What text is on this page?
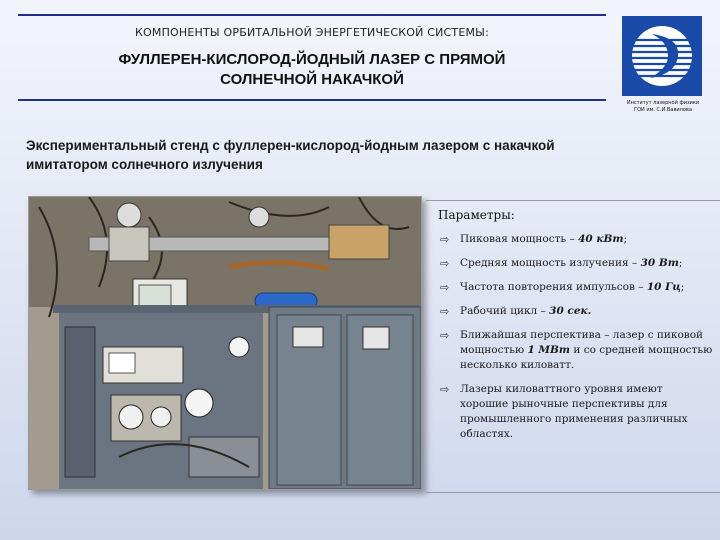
КОМПОНЕНТЫ ОРБИТАЛЬНОЙ ЭНЕРГЕТИЧЕСКОЙ СИСТЕМЫ:
ФУЛЛЕРЕН-КИСЛОРОД-ЙОДНЫЙ ЛАЗЕР С ПРЯМОЙ
СОЛНЕЧНОЙ НАКАЧКОЙ
Институт лазерной физики
ГОИ им. С.И.Вавилова
Экспериментальный стенд с фуллерен-кислород-йодным лазером с накачкой
имитатором солнечного излучения
Параметры:
⇨ Пиковая мощность – 40 кВт;
⇨ Средняя мощность излучения – 30 Вт;
⇨ Частота повторения импульсов – 10 Гц;
⇨ Рабочий цикл – 30 сек.
⇨ Ближайшая перспектива – лазер с пиковой мощностью 1 МВт и со средней мощностью несколько киловатт.
⇨ Лазеры киловаттного уровня имеют хорошие рыночные перспективы для промышленного применения различных областях.
